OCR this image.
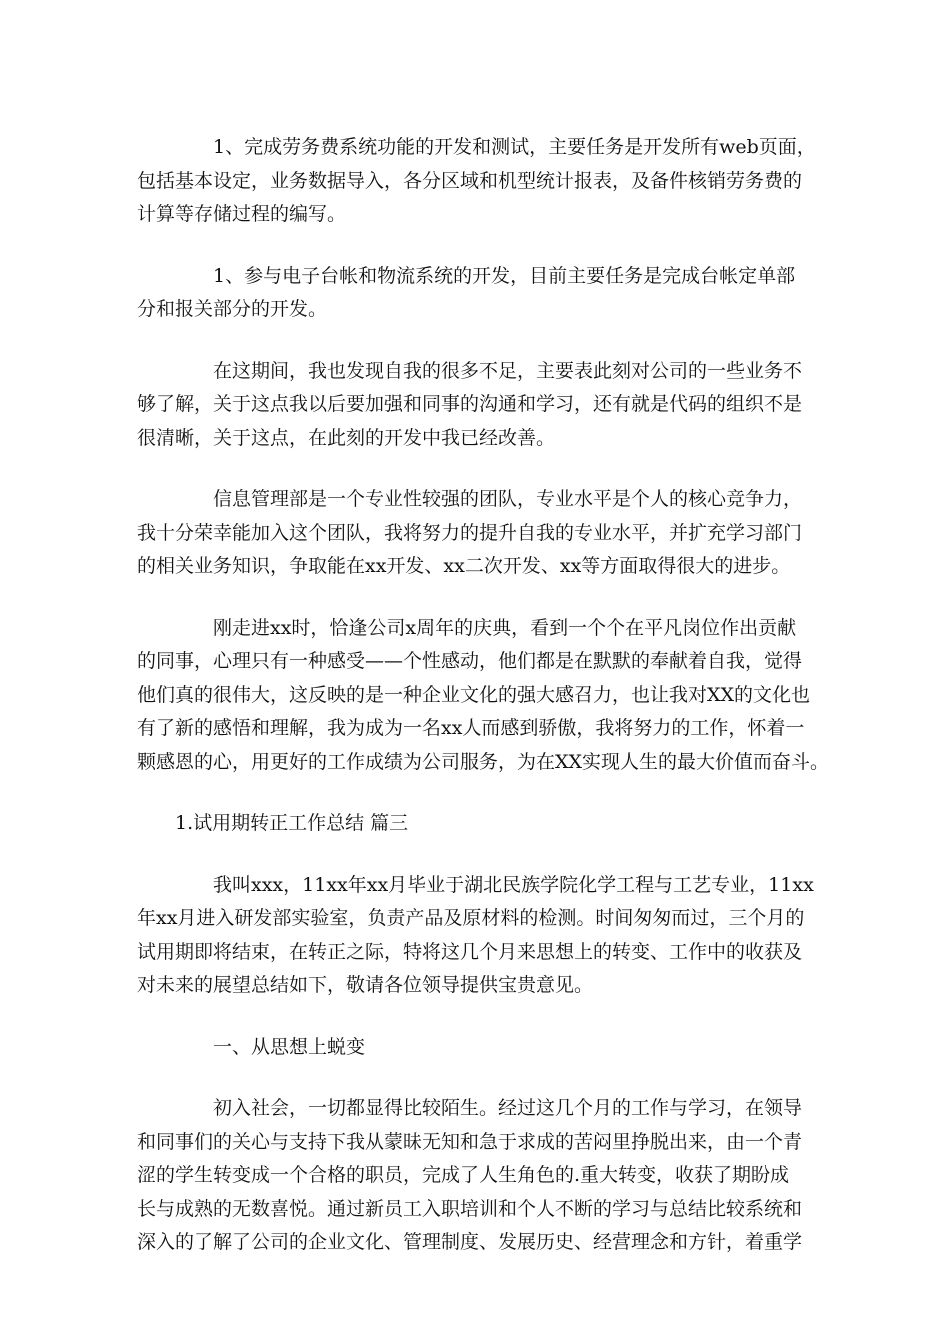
1、完成劳务费系统功能的开发和测试，主要任务是开发所有web页面，
包括基本设定，业务数据导入，各分区域和机型统计报表，及备件核销劳务费的
计算等存储过程的编写。

1、参与电子台帐和物流系统的开发，目前主要任务是完成台帐定单部
分和报关部分的开发。

在这期间，我也发现自我的很多不足，主要表此刻对公司的一些业务不
够了解，关于这点我以后要加强和同事的沟通和学习，还有就是代码的组织不是
很清晰，关于这点，在此刻的开发中我已经改善。

信息管理部是一个专业性较强的团队，专业水平是个人的核心竞争力，
我十分荣幸能加入这个团队，我将努力的提升自我的专业水平，并扩充学习部门
的相关业务知识，争取能在xx开发、xx二次开发、xx等方面取得很大的进步。

刚走进xx时，恰逢公司x周年的庆典，看到一个个在平凡岗位作出贡献
的同事，心理只有一种感受——个性感动，他们都是在默默的奉献着自我，觉得
他们真的很伟大，这反映的是一种企业文化的强大感召力，也让我对XX的文化也
有了新的感悟和理解，我为成为一名xx人而感到骄傲，我将努力的工作，怀着一
颗感恩的心，用更好的工作成绩为公司服务，为在XX实现人生的最大价值而奋斗。

1.试用期转正工作总结 篇三

我叫xxx，11xx年xx月毕业于湖北民族学院化学工程与工艺专业，11xx
年xx月进入研发部实验室，负责产品及原材料的检测。时间匆匆而过，三个月的
试用期即将结束，在转正之际，特将这几个月来思想上的转变、工作中的收获及
对未来的展望总结如下，敬请各位领导提供宝贵意见。

一、从思想上蜕变

初入社会，一切都显得比较陌生。经过这几个月的工作与学习，在领导
和同事们的关心与支持下我从蒙昧无知和急于求成的苦闷里挣脱出来，由一个青
涩的学生转变成一个合格的职员，完成了人生角色的.重大转变，收获了期盼成
长与成熟的无数喜悦。通过新员工入职培训和个人不断的学习与总结比较系统和
深入的了解了公司的企业文化、管理制度、发展历史、经营理念和方针，着重学
